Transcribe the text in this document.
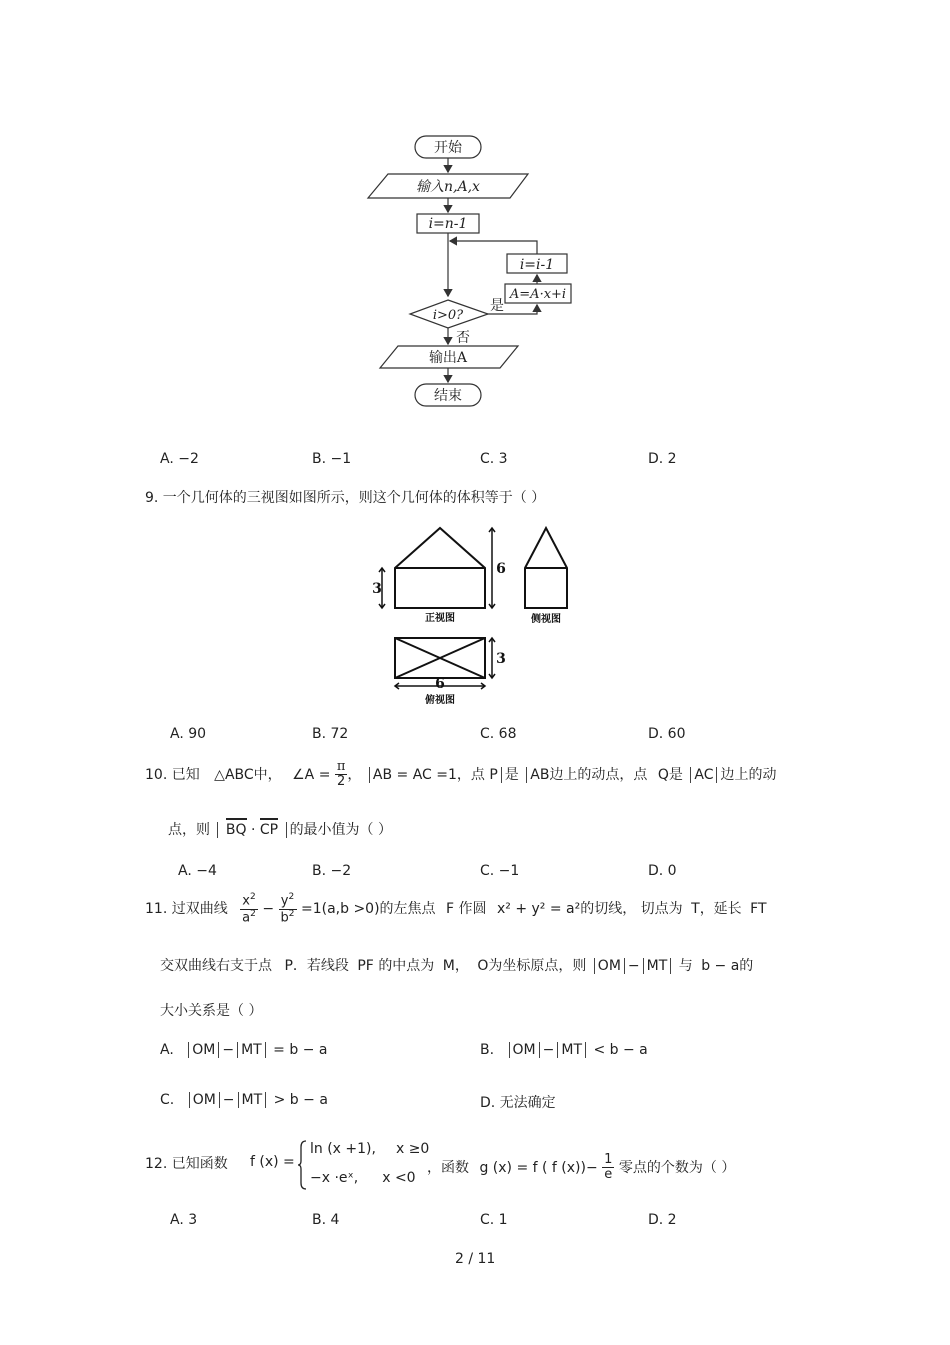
开始
输入n,A,x
i=n-1
i=i-1
A=A·x+i
i>0?
是
否
输出A
结束
A. −2	B. −1	C. 3	D. 2
9. 一个几何体的三视图如图所示，则这个几何体的体积等于（ ）
3
6
3
6
正视图	侧视图
俯视图
A. 90	B. 72	C. 68	D. 60
10. 已知 △ABC中， ∠A = $\frac{\pi}{2}$ ， AB = AC =1，点 P 是 AB边上的动点，点 Q是 AC 边上的动
点，则 BQ · CP 的最小值为（ ）
A. −4	B. −2	C. −1	D. 0
11. 过双曲线 $\frac{x^2}{a^2} - \frac{y^2}{b^2} =1(a,b >0)$的左焦点 F 作圆 x² + y² = a²的切线， 切点为 T，延长 FT
交双曲线右支于点 P．若线段 PF 的中点为 M， O为坐标原点，则 OM − MT 与 b − a的
大小关系是（ ）
A. OM − MT = b − a	B. OM − MT < b − a
C. OM − MT > b − a	D. 无法确定
12. 已知函数 f (x) =
ln (x +1), x ≥0
−x ·eˣ, x <0
，函数 g (x) = f ( f $(x))- \frac{1}{e}$ 零点的个数为（ ）
A. 3	B. 4	C. 1	D. 2
2 / 11
